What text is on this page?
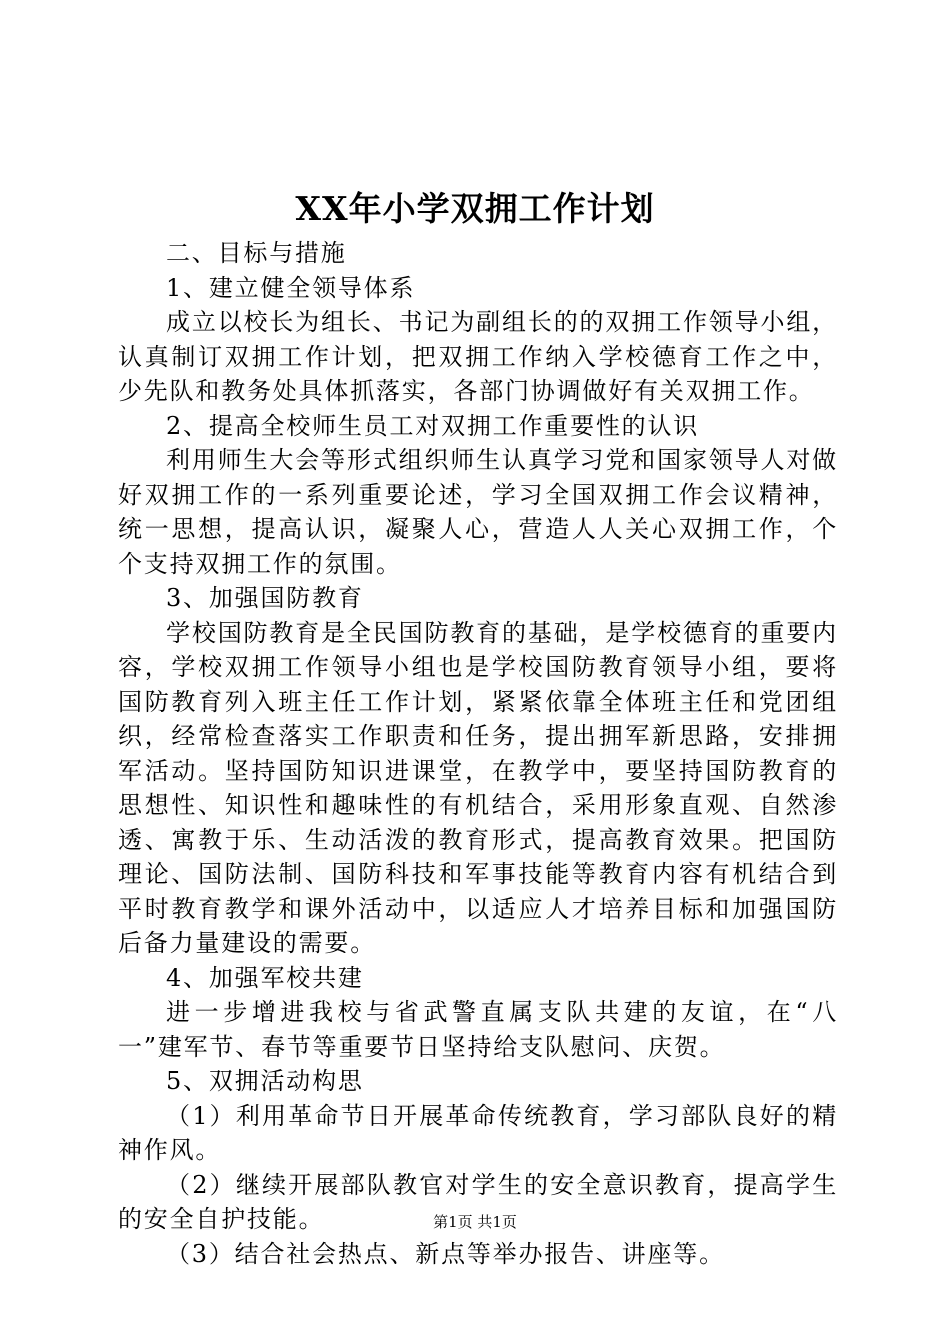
XX年小学双拥工作计划

二、目标与措施

1、建立健全领导体系

成立以校长为组长、书记为副组长的的双拥工作领导小组，认真制订双拥工作计划，把双拥工作纳入学校德育工作之中，少先队和教务处具体抓落实，各部门协调做好有关双拥工作。

2、提高全校师生员工对双拥工作重要性的认识

利用师生大会等形式组织师生认真学习党和国家领导人对做好双拥工作的一系列重要论述，学习全国双拥工作会议精神，统一思想，提高认识，凝聚人心，营造人人关心双拥工作，个个支持双拥工作的氛围。

3、加强国防教育

学校国防教育是全民国防教育的基础，是学校德育的重要内容，学校双拥工作领导小组也是学校国防教育领导小组，要将国防教育列入班主任工作计划，紧紧依靠全体班主任和党团组织，经常检查落实工作职责和任务，提出拥军新思路，安排拥军活动。坚持国防知识进课堂，在教学中，要坚持国防教育的思想性、知识性和趣味性的有机结合，采用形象直观、自然渗透、寓教于乐、生动活泼的教育形式，提高教育效果。把国防理论、国防法制、国防科技和军事技能等教育内容有机结合到平时教育教学和课外活动中，以适应人才培养目标和加强国防后备力量建设的需要。

4、加强军校共建

进一步增进我校与省武警直属支队共建的友谊，在“八一”建军节、春节等重要节日坚持给支队慰问、庆贺。

5、双拥活动构思

（1）利用革命节日开展革命传统教育，学习部队良好的精神作风。

（2）继续开展部队教官对学生的安全意识教育，提高学生的安全自护技能。

（3）结合社会热点、新点等举办报告、讲座等。

第1页 共1页
